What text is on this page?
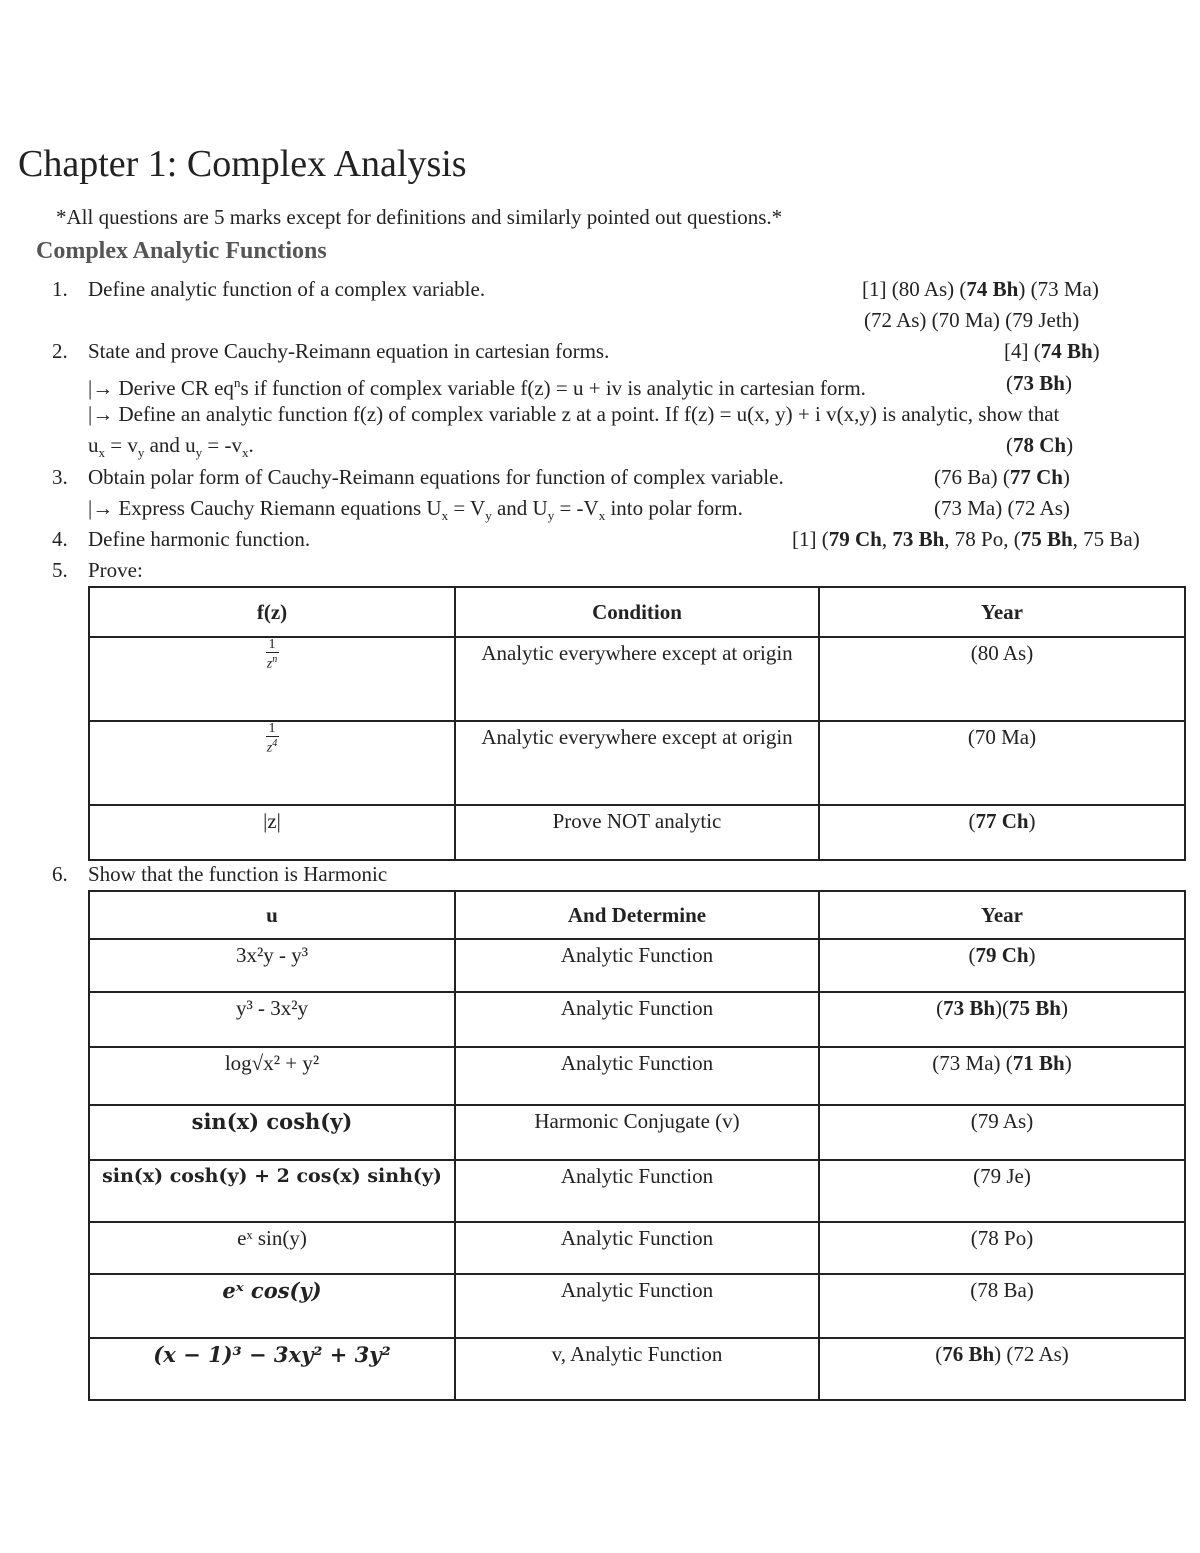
Chapter 1: Complex Analysis
*All questions are 5 marks except for definitions and similarly pointed out questions.*
Complex Analytic Functions
1. Define analytic function of a complex variable.	[1] (80 As) (74 Bh) (73 Ma)
(72 As) (70 Ma) (79 Jeth)
2. State and prove Cauchy-Reimann equation in cartesian forms.	[4] (74 Bh)
|→ Derive CR $eq^ns$ if function of complex variable f(z) = u + iv is analytic in cartesian form.	(73 Bh)
|→ Define an analytic function f(z) of complex variable z at a point. If f(z) = u(x, y) + i v(x,y) is analytic, show that
$u_x = v_y$ and $u_y = -v_x$.	(78 Ch)
3. Obtain polar form of Cauchy-Reimann equations for function of complex variable.	(76 Ba) (77 Ch)
|→ Express Cauchy Riemann equations $U_x = V_y$ and $U_y = -V_x$ into polar form.	(73 Ma) (72 As)
4. Define harmonic function.	[1] (79 Ch, 73 Bh, 78 Po, (75 Bh, 75 Ba)
5. Prove:
f(z)	Condition	Year

$\frac{1}{z^n}$	Analytic everywhere except at origin	(80 As)

$\frac{1}{z^4}$	Analytic everywhere except at origin	(70 Ma)
|z|	Prove NOT analytic	(77 Ch)
6. Show that the function is Harmonic
u	And Determine	Year
3x²y - y³	Analytic Function	(79 Ch)
y³ - 3x²y	Analytic Function	(73 Bh)(75 Bh)
log√x² + y²	Analytic Function	(73 Ma) (71 Bh)
sin(x) cosh(y)	Harmonic Conjugate (v)	(79 As)
sin(x) cosh(y) + 2 cos(x) sinh(y)	Analytic Function	(79 Je)
eˣ sin(y)	Analytic Function	(78 Po)
eˣ cos(y)	Analytic Function	(78 Ba)
(x − 1)³ − 3xy² + 3y²	v, Analytic Function	(76 Bh) (72 As)
